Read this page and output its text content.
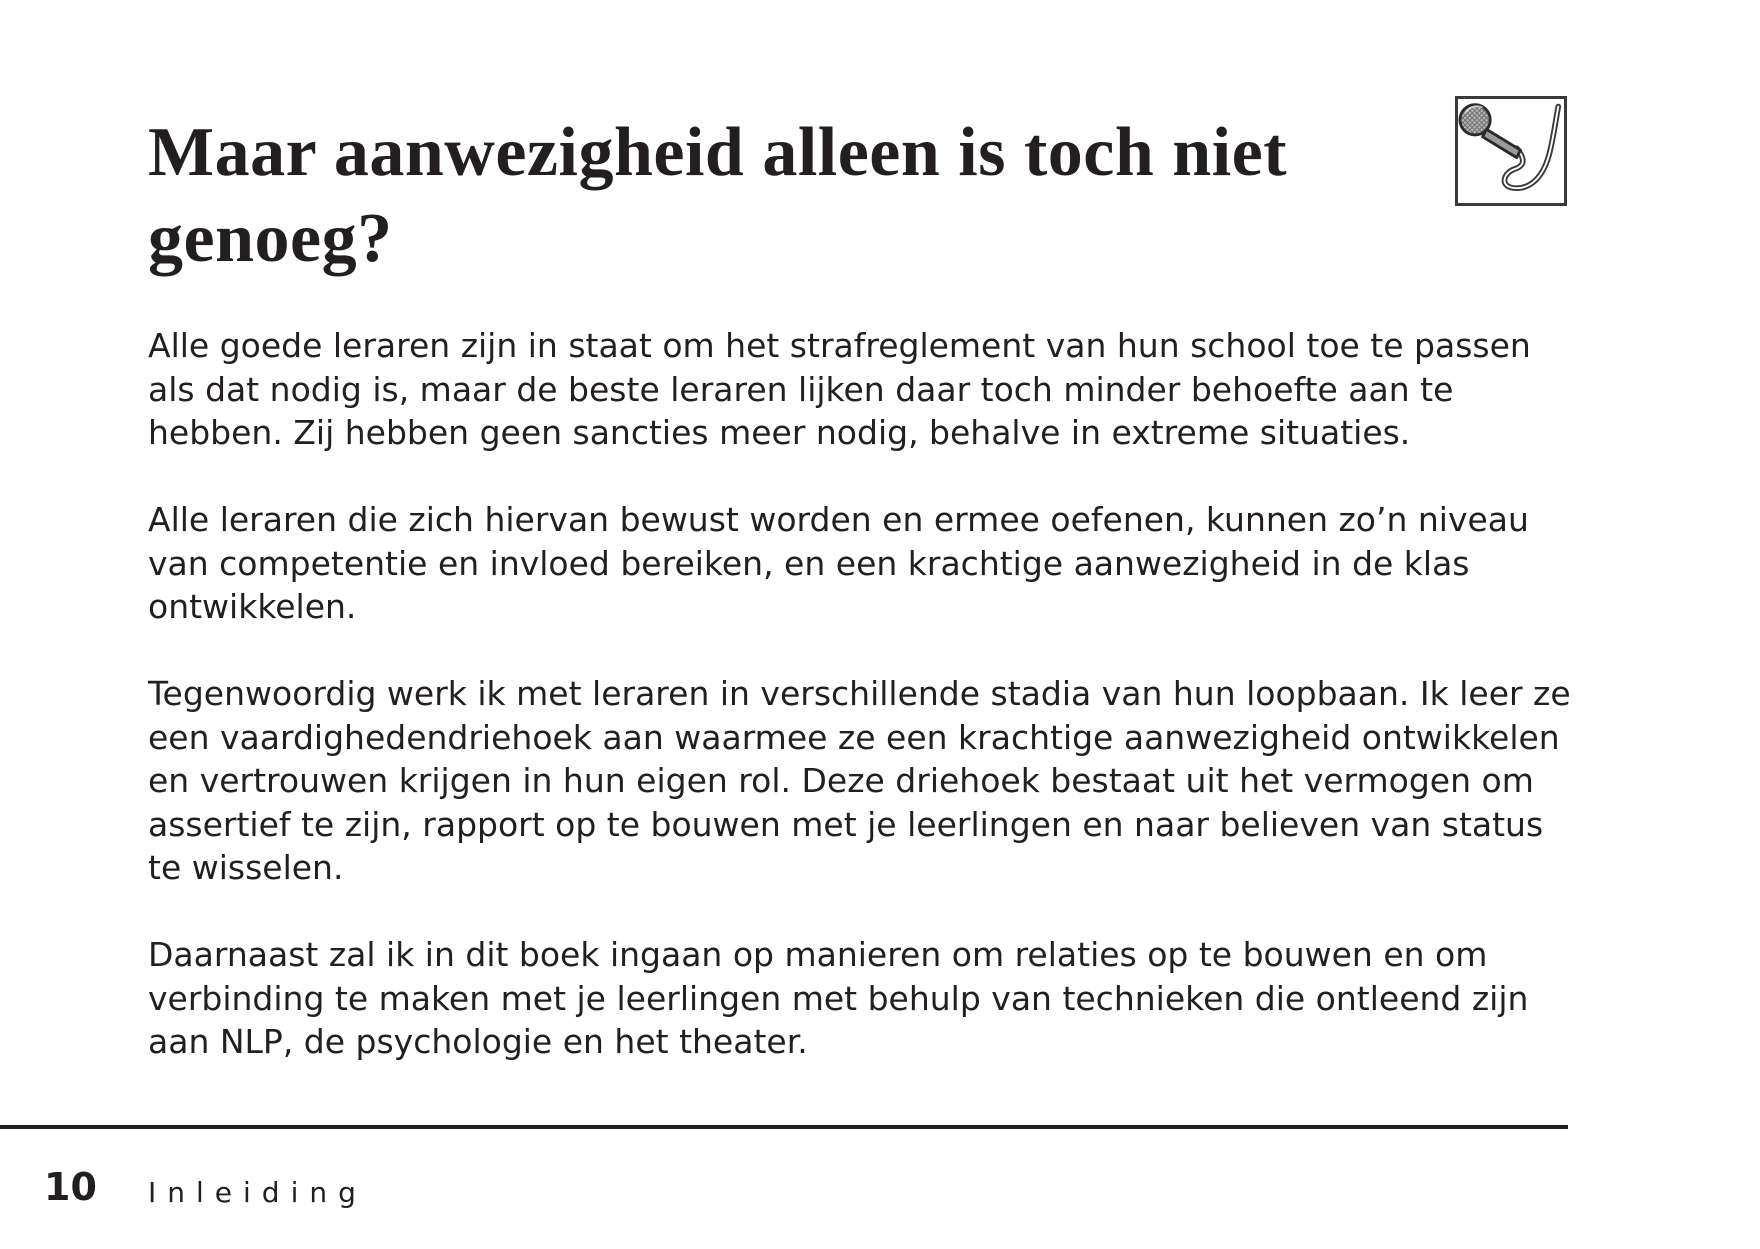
Maar aanwezigheid alleen is toch niet genoeg?

Alle goede leraren zijn in staat om het strafreglement van hun school toe te passen als dat nodig is, maar de beste leraren lijken daar toch minder behoefte aan te hebben. Zij hebben geen sancties meer nodig, behalve in extreme situaties.

Alle leraren die zich hiervan bewust worden en ermee oefenen, kunnen zo’n niveau van competentie en invloed bereiken, en een krachtige aanwezigheid in de klas ontwikkelen.

Tegenwoordig werk ik met leraren in verschillende stadia van hun loopbaan. Ik leer ze een vaardighedendriehoek aan waarmee ze een krachtige aanwezigheid ontwikkelen en vertrouwen krijgen in hun eigen rol. Deze driehoek bestaat uit het vermogen om assertief te zijn, rapport op te bouwen met je leerlingen en naar believen van status te wisselen.

Daarnaast zal ik in dit boek ingaan op manieren om relaties op te bouwen en om verbinding te maken met je leerlingen met behulp van technieken die ontleend zijn aan NLP, de psychologie en het theater.

10 Inleiding
